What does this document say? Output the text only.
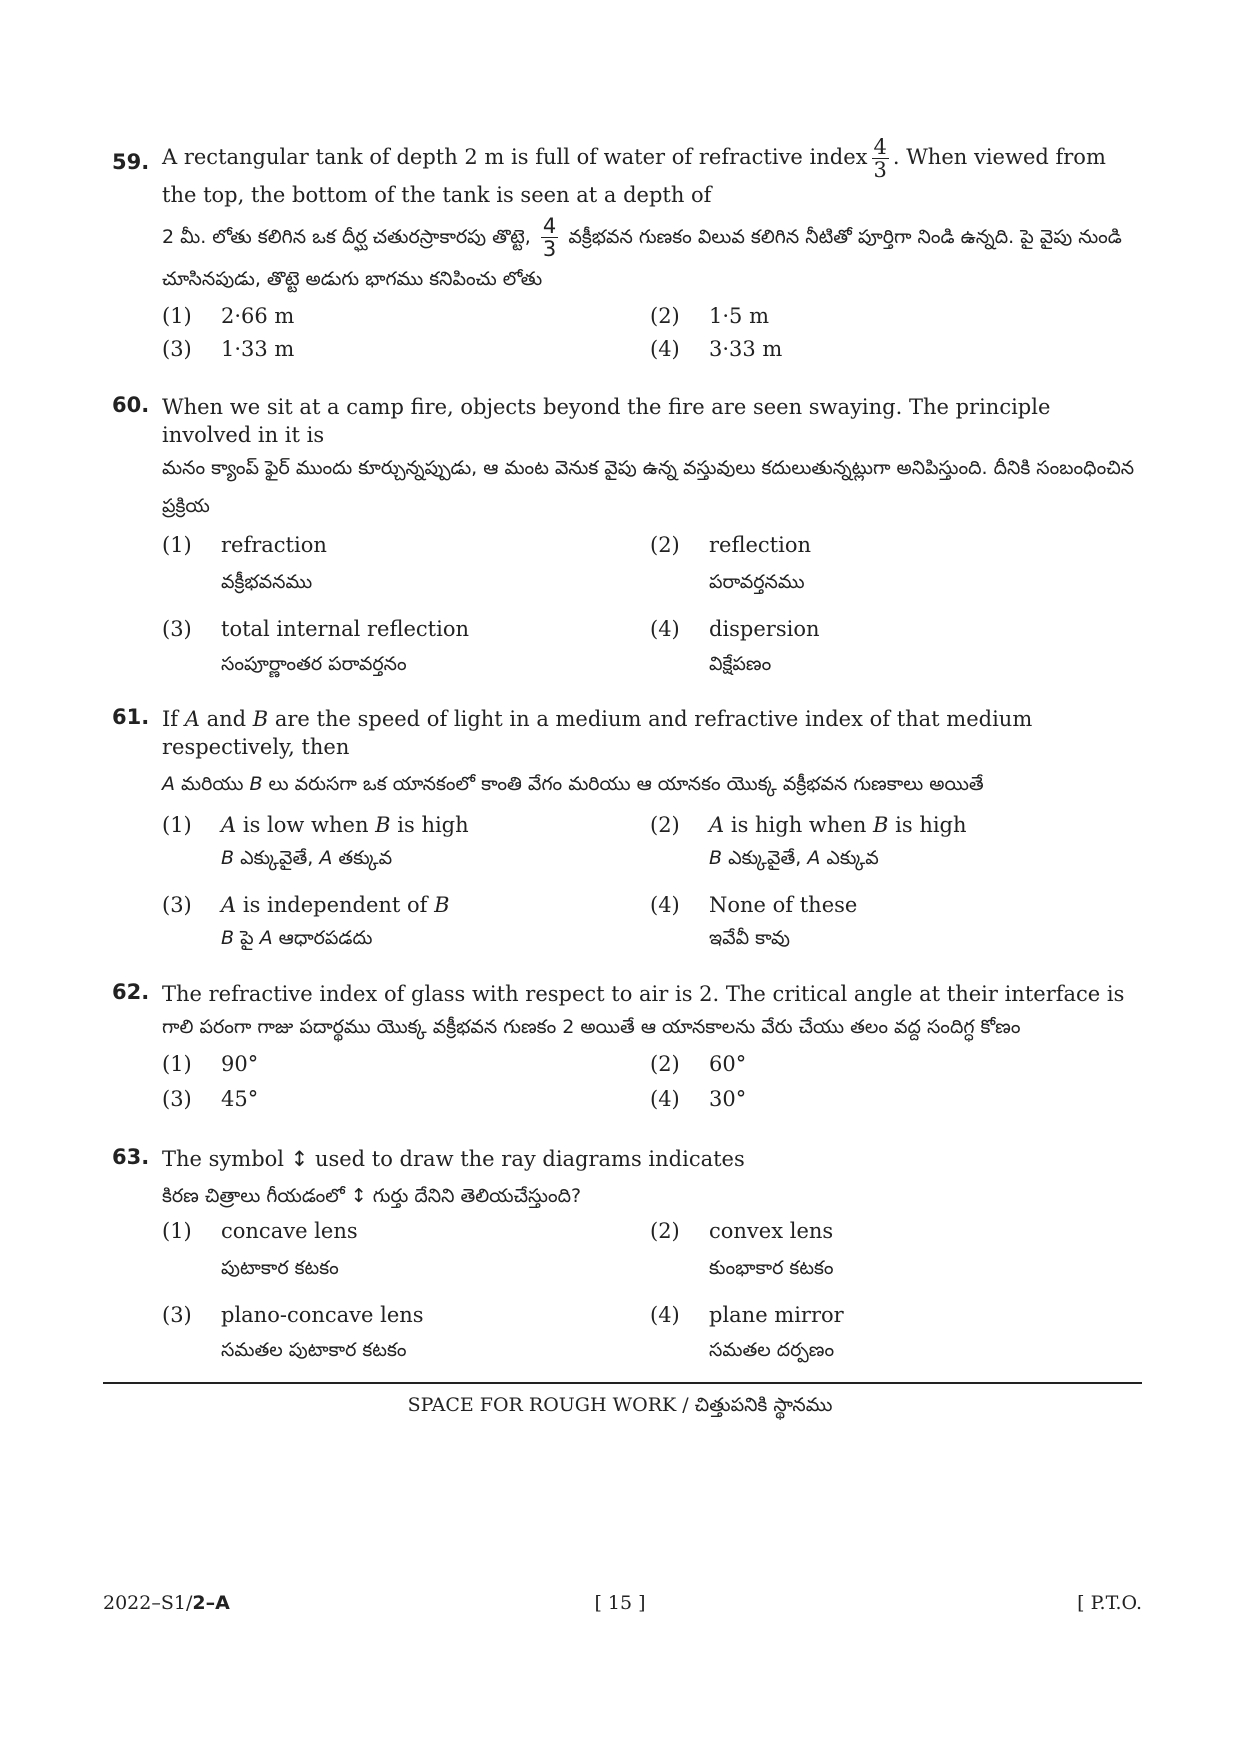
59. A rectangular tank of depth 2 m is full of water of refractive index $\frac{4}{3}$ . When viewed from the top, the bottom of the tank is seen at a depth of
2 మీ. లోతు కలిగిన ఒక దీర్ఘ చతురస్రాకారపు తొట్టె, $\frac{4}{3}$ వక్రీభవన గుణకం విలువ కలిగిన నీటితో పూర్తిగా నిండి ఉన్నది. పై వైపు నుండి చూసినపుడు, తొట్టె అడుగు భాగము కనిపించు లోతు
(1) 2·66 m	(2) 1·5 m
(3) 1·33 m	(4) 3·33 m
60. When we sit at a camp fire, objects beyond the fire are seen swaying. The principle involved in it is
మనం క్యాంప్ ఫైర్ ముందు కూర్చున్నప్పుడు, ఆ మంట వెనుక వైపు ఉన్న వస్తువులు కదులుతున్నట్లుగా అనిపిస్తుంది. దీనికి సంబంధించిన ప్రక్రియ
(1) refraction
వక్రీభవనము
(2) reflection
పరావర్తనము
(3) total internal reflection
సంపూర్ణాంతర పరావర్తనం
(4) dispersion
విక్షేపణం
61. If A and B are the speed of light in a medium and refractive index of that medium respectively, then
A మరియు B లు వరుసగా ఒక యానకంలో కాంతి వేగం మరియు ఆ యానకం యొక్క వక్రీభవన గుణకాలు అయితే
(1) A is low when B is high
B ఎక్కువైతే, A తక్కువ
(2) A is high when B is high
B ఎక్కువైతే, A ఎక్కువ
(3) A is independent of B
B పై A ఆధారపడదు
(4) None of these
ఇవేవీ కావు
62. The refractive index of glass with respect to air is 2. The critical angle at their interface is
గాలి పరంగా గాజు పదార్థము యొక్క వక్రీభవన గుణకం 2 అయితే ఆ యానకాలను వేరు చేయు తలం వద్ద సందిగ్ధ కోణం
(1) 90°	(2) 60°
(3) 45°	(4) 30°
63. The symbol ↕ used to draw the ray diagrams indicates
కిరణ చిత్రాలు గీయడంలో ↕ గుర్తు దేనిని తెలియచేస్తుంది?
(1) concave lens
పుటాకార కటకం
(2) convex lens
కుంభాకార కటకం
(3) plano-concave lens
సమతల పుటాకార కటకం
(4) plane mirror
సమతల దర్పణం
SPACE FOR ROUGH WORK / చిత్తుపనికి స్థానము
2022–S1/2–A	[ 15 ]	[ P.T.O.
